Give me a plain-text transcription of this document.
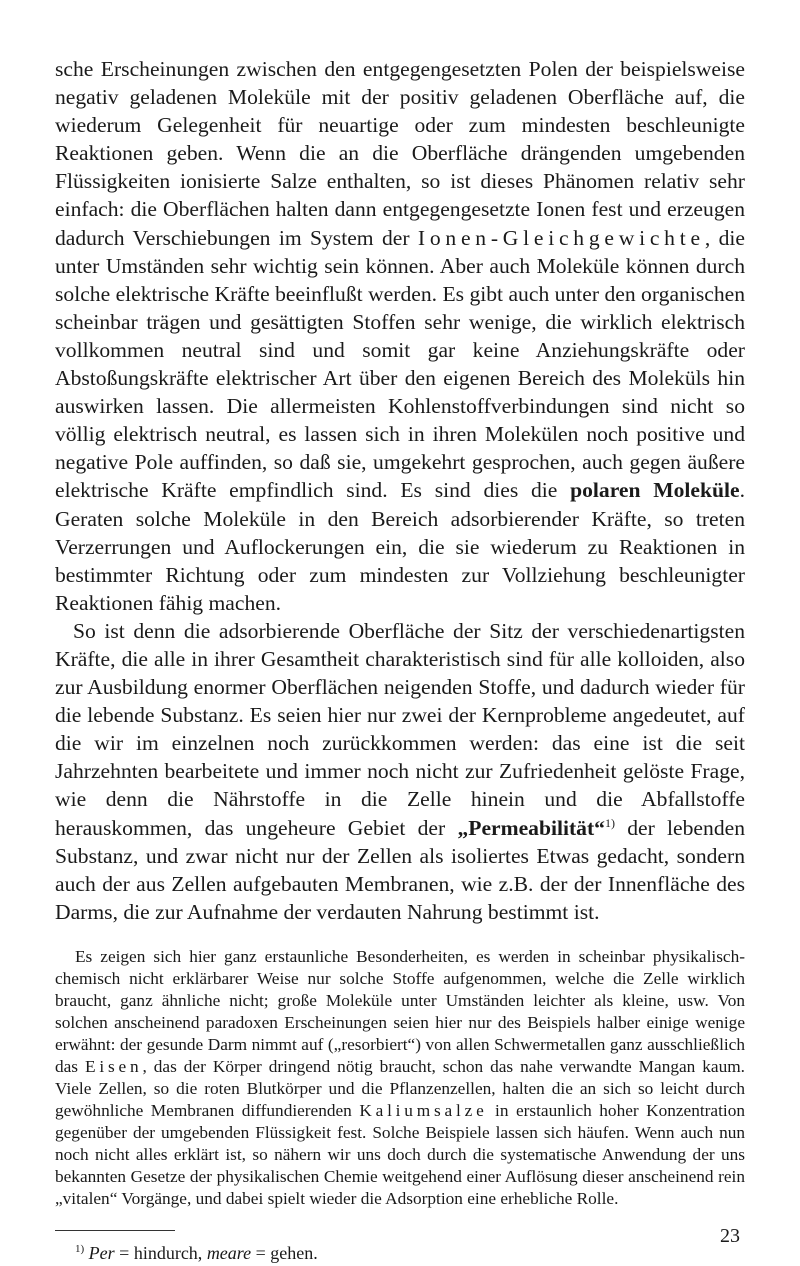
sche Erscheinungen zwischen den entgegengesetzten Polen der beispielsweise negativ geladenen Moleküle mit der positiv geladenen Oberfläche auf, die wiederum Gelegenheit für neuartige oder zum mindesten beschleunigte Reaktionen geben. Wenn die an die Oberfläche drängenden umgebenden Flüssigkeiten ionisierte Salze enthalten, so ist dieses Phänomen relativ sehr einfach: die Oberflächen halten dann entgegengesetzte Ionen fest und erzeugen dadurch Verschiebungen im System der Ionen-Gleichgewichte, die unter Umständen sehr wichtig sein können. Aber auch Moleküle können durch solche elektrische Kräfte beeinflußt werden. Es gibt auch unter den organischen scheinbar trägen und gesättigten Stoffen sehr wenige, die wirklich elektrisch vollkommen neutral sind und somit gar keine Anziehungskräfte oder Abstoßungskräfte elektrischer Art über den eigenen Bereich des Moleküls hin auswirken lassen. Die allermeisten Kohlenstoffverbindungen sind nicht so völlig elektrisch neutral, es lassen sich in ihren Molekülen noch positive und negative Pole auffinden, so daß sie, umgekehrt gesprochen, auch gegen äußere elektrische Kräfte empfindlich sind. Es sind dies die polaren Moleküle. Geraten solche Moleküle in den Bereich adsorbierender Kräfte, so treten Verzerrungen und Auflockerungen ein, die sie wiederum zu Reaktionen in bestimmter Richtung oder zum mindesten zur Vollziehung beschleunigter Reaktionen fähig machen.

So ist denn die adsorbierende Oberfläche der Sitz der verschiedenartigsten Kräfte, die alle in ihrer Gesamtheit charakteristisch sind für alle kolloiden, also zur Ausbildung enormer Oberflächen neigenden Stoffe, und dadurch wieder für die lebende Substanz. Es seien hier nur zwei der Kernprobleme angedeutet, auf die wir im einzelnen noch zurückkommen werden: das eine ist die seit Jahrzehnten bearbeitete und immer noch nicht zur Zufriedenheit gelöste Frage, wie denn die Nährstoffe in die Zelle hinein und die Abfallstoffe herauskommen, das ungeheure Gebiet der „Permeabilität“$^{1)}$ der lebenden Substanz, und zwar nicht nur der Zellen als isoliertes Etwas gedacht, sondern auch der aus Zellen aufgebauten Membranen, wie z.B. der der Innenfläche des Darms, die zur Aufnahme der verdauten Nahrung bestimmt ist.

Es zeigen sich hier ganz erstaunliche Besonderheiten, es werden in scheinbar physikalisch-chemisch nicht erklärbarer Weise nur solche Stoffe aufgenommen, welche die Zelle wirklich braucht, ganz ähnliche nicht; große Moleküle unter Umständen leichter als kleine, usw. Von solchen anscheinend paradoxen Erscheinungen seien hier nur des Beispiels halber einige wenige erwähnt: der gesunde Darm nimmt auf („resorbiert“) von allen Schwermetallen ganz ausschließlich das Eisen, das der Körper dringend nötig braucht, schon das nahe verwandte Mangan kaum. Viele Zellen, so die roten Blutkörper und die Pflanzenzellen, halten die an sich so leicht durch gewöhnliche Membranen diffundierenden Kaliumsalze in erstaunlich hoher Konzentration gegenüber der umgebenden Flüssigkeit fest. Solche Beispiele lassen sich häufen. Wenn auch nun noch nicht alles erklärt ist, so nähern wir uns doch durch die systematische Anwendung der uns bekannten Gesetze der physikalischen Chemie weitgehend einer Auflösung dieser anscheinend rein „vitalen“ Vorgänge, und dabei spielt wieder die Adsorption eine erhebliche Rolle.

$^{1)}$ Per = hindurch, meare = gehen.
23
